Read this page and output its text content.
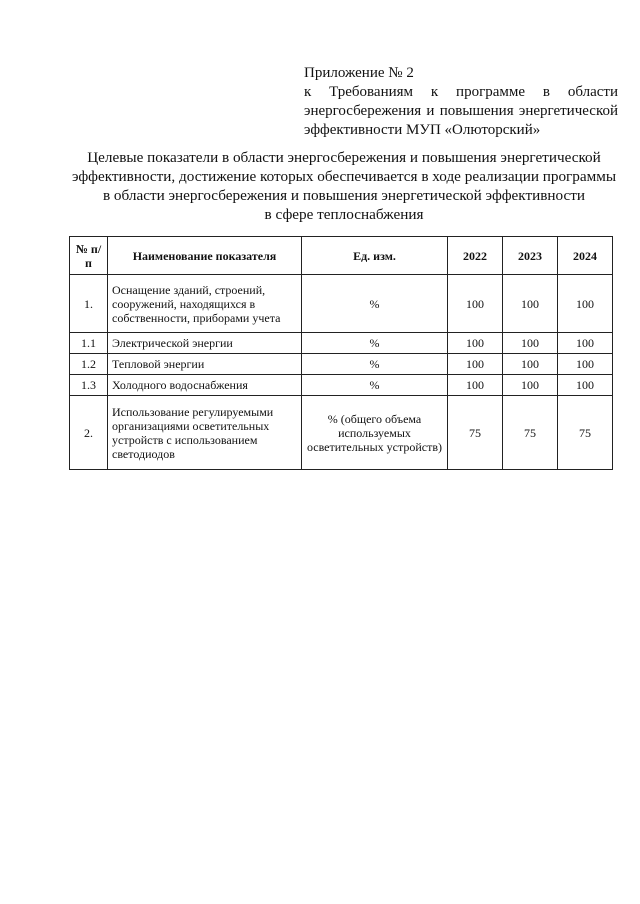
Приложение № 2
к Требованиям к программе в области
энергосбережения и повышения энергетической
эффективности МУП «Олюторский»
Целевые показатели в области энергосбережения и повышения энергетической
эффективности, достижение которых обеспечивается в ходе реализации программы
в области энергосбережения и повышения энергетической эффективности
в сфере теплоснабжения
№ п/п	Наименование показателя	Ед. изм.	2022	2023	2024
1.	Оснащение зданий, строений, сооружений, находящихся в собственности, приборами учета	%	100	100	100
1.1	Электрической энергии	%	100	100	100
1.2	Тепловой энергии	%	100	100	100
1.3	Холодного водоснабжения	%	100	100	100
2.	Использование регулируемыми организациями осветительных устройств с использованием светодиодов	% (общего объема используемых осветительных устройств)	75	75	75
